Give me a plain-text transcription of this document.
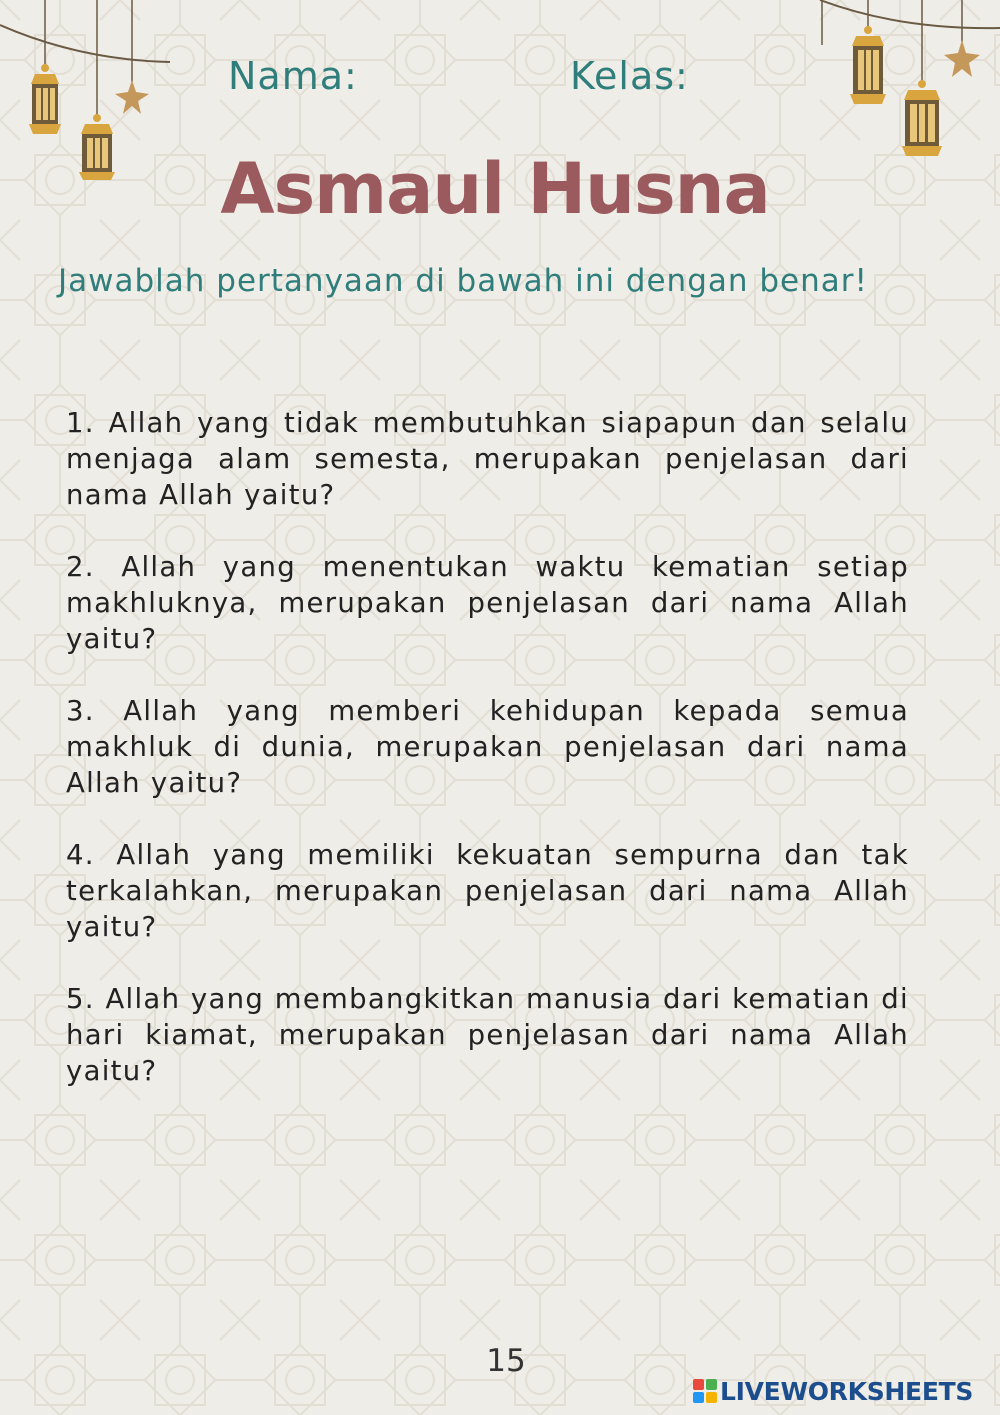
Nama:	Kelas:
Asmaul Husna
Jawablah pertanyaan di bawah ini dengan benar!
1. Allah yang tidak membutuhkan siapapun dan selalu menjaga alam semesta, merupakan penjelasan dari nama Allah yaitu?
2. Allah yang menentukan waktu kematian setiap makhluknya, merupakan penjelasan dari nama Allah yaitu?
3. Allah yang memberi kehidupan kepada semua makhluk di dunia, merupakan penjelasan dari nama Allah yaitu?
4. Allah yang memiliki kekuatan sempurna dan tak terkalahkan, merupakan penjelasan dari nama Allah yaitu?
5. Allah yang membangkitkan manusia dari kematian di hari kiamat, merupakan penjelasan dari nama Allah yaitu?
15
LIVEWORKSHEETS
